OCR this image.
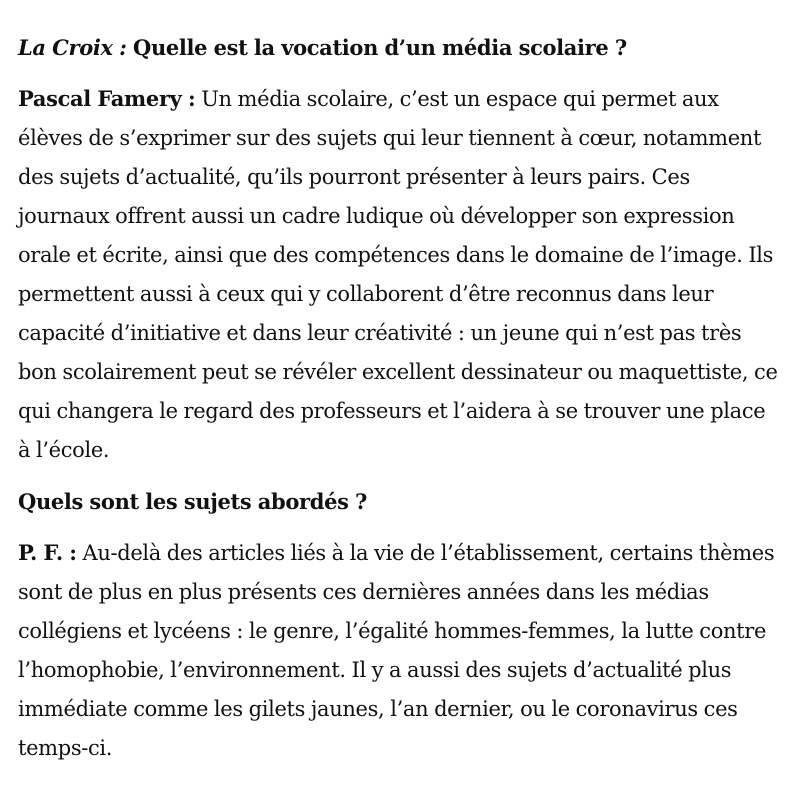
La Croix : Quelle est la vocation d’un média scolaire ?

Pascal Famery : Un média scolaire, c’est un espace qui permet aux élèves de s’exprimer sur des sujets qui leur tiennent à cœur, notamment des sujets d’actualité, qu’ils pourront présenter à leurs pairs. Ces journaux offrent aussi un cadre ludique où développer son expression orale et écrite, ainsi que des compétences dans le domaine de l’image. Ils permettent aussi à ceux qui y collaborent d’être reconnus dans leur capacité d’initiative et dans leur créativité : un jeune qui n’est pas très bon scolairement peut se révéler excellent dessinateur ou maquettiste, ce qui changera le regard des professeurs et l’aidera à se trouver une place à l’école.

Quels sont les sujets abordés ?

P. F. : Au-delà des articles liés à la vie de l’établissement, certains thèmes sont de plus en plus présents ces dernières années dans les médias collégiens et lycéens : le genre, l’égalité hommes-femmes, la lutte contre l’homophobie, l’environnement. Il y a aussi des sujets d’actualité plus immédiate comme les gilets jaunes, l’an dernier, ou le coronavirus ces temps-ci.
